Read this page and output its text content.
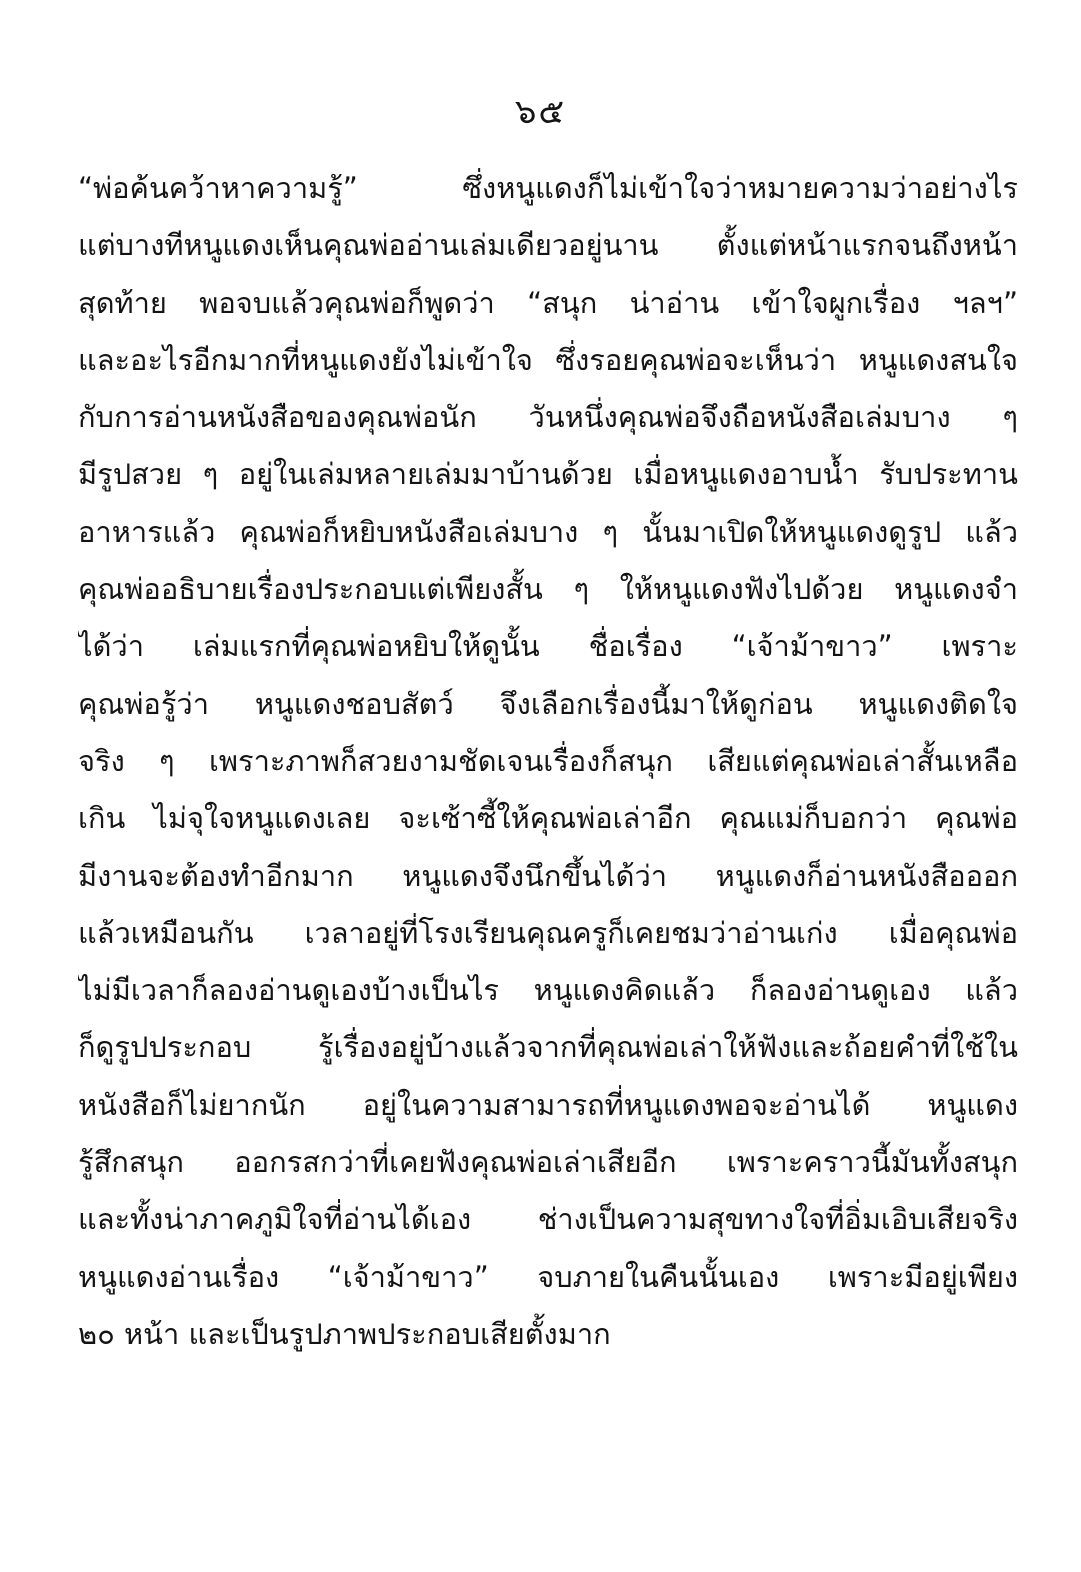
๖๕
“พ่อค้นคว้าหาความรู้” ซึ่งหนูแดงก็ไม่เข้าใจว่าหมายความว่าอย่างไร
แต่บางทีหนูแดงเห็นคุณพ่ออ่านเล่มเดียวอยู่นาน ตั้งแต่หน้าแรกจนถึงหน้า
สุดท้าย พอจบแล้วคุณพ่อก็พูดว่า “สนุก น่าอ่าน เข้าใจผูกเรื่อง ฯลฯ”
และอะไรอีกมากที่หนูแดงยังไม่เข้าใจ ซึ่งรอยคุณพ่อจะเห็นว่า หนูแดงสนใจ
กับการอ่านหนังสือของคุณพ่อนัก วันหนึ่งคุณพ่อจึงถือหนังสือเล่มบาง ๆ
มีรูปสวย ๆ อยู่ในเล่มหลายเล่มมาบ้านด้วย เมื่อหนูแดงอาบน้ำ รับประทาน
อาหารแล้ว คุณพ่อก็หยิบหนังสือเล่มบาง ๆ นั้นมาเปิดให้หนูแดงดูรูป แล้ว
คุณพ่ออธิบายเรื่องประกอบแต่เพียงสั้น ๆ ให้หนูแดงฟังไปด้วย หนูแดงจำ
ได้ว่า เล่มแรกที่คุณพ่อหยิบให้ดูนั้น ชื่อเรื่อง “เจ้าม้าขาว” เพราะ
คุณพ่อรู้ว่า หนูแดงชอบสัตว์ จึงเลือกเรื่องนี้มาให้ดูก่อน หนูแดงติดใจ
จริง ๆ เพราะภาพก็สวยงามชัดเจนเรื่องก็สนุก เสียแต่คุณพ่อเล่าสั้นเหลือ
เกิน ไม่จุใจหนูแดงเลย จะเซ้าซี้ให้คุณพ่อเล่าอีก คุณแม่ก็บอกว่า คุณพ่อ
มีงานจะต้องทำอีกมาก หนูแดงจึงนึกขึ้นได้ว่า หนูแดงก็อ่านหนังสือออก
แล้วเหมือนกัน เวลาอยู่ที่โรงเรียนคุณครูก็เคยชมว่าอ่านเก่ง เมื่อคุณพ่อ
ไม่มีเวลาก็ลองอ่านดูเองบ้างเป็นไร หนูแดงคิดแล้ว ก็ลองอ่านดูเอง แล้ว
ก็ดูรูปประกอบ รู้เรื่องอยู่บ้างแล้วจากที่คุณพ่อเล่าให้ฟังและถ้อยคำที่ใช้ใน
หนังสือก็ไม่ยากนัก อยู่ในความสามารถที่หนูแดงพอจะอ่านได้ หนูแดง
รู้สึกสนุก ออกรสกว่าที่เคยฟังคุณพ่อเล่าเสียอีก เพราะคราวนี้มันทั้งสนุก
และทั้งน่าภาคภูมิใจที่อ่านได้เอง ช่างเป็นความสุขทางใจที่อิ่มเอิบเสียจริง
หนูแดงอ่านเรื่อง “เจ้าม้าขาว” จบภายในคืนนั้นเอง เพราะมีอยู่เพียง
๒๐ หน้า และเป็นรูปภาพประกอบเสียตั้งมาก
